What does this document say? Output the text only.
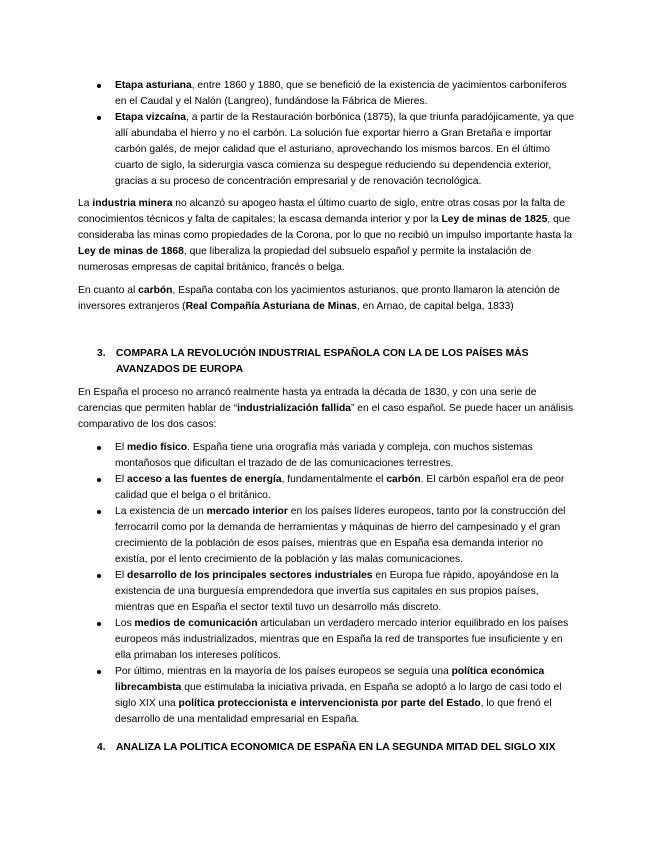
Etapa asturiana, entre 1860 y 1880, que se benefició de la existencia de yacimientos carboníferos en el Caudal y el Nalón (Langreo), fundándose la Fábrica de Mieres.
Etapa vizcaína, a partir de la Restauración borbónica (1875), la que triunfa paradójicamente, ya que allí abundaba el hierro y no el carbón. La solución fue exportar hierro a Gran Bretaña e importar carbón galés, de mejor calidad que el asturiano, aprovechando los mismos barcos. En el último cuarto de siglo, la siderurgia vasca comienza su despegue reduciendo su dependencia exterior, gracias a su proceso de concentración empresarial y de renovación tecnológica.

La industria minera no alcanzó su apogeo hasta el último cuarto de siglo, entre otras cosas por la falta de conocimientos técnicos y falta de capitales; la escasa demanda interior y por la Ley de minas de 1825, que consideraba las minas como propiedades de la Corona, por lo que no recibió un impulso importante hasta la Ley de minas de 1868, que liberaliza la propiedad del subsuelo español y permite la instalación de numerosas empresas de capital británico, francés o belga.

En cuanto al carbón, España contaba con los yacimientos asturianos, que pronto llamaron la atención de inversores extranjeros (Real Compañía Asturiana de Minas, en Arnao, de capital belga, 1833)

3.	COMPARA LA REVOLUCIÓN INDUSTRIAL ESPAÑOLA CON LA DE LOS PAÍSES MÁS AVANZADOS DE EUROPA

En España el proceso no arrancó realmente hasta ya entrada la década de 1830, y con una serie de carencias que permiten hablar de “industrialización fallida” en el caso español. Se puede hacer un análisis comparativo de los dos casos:

El medio físico. España tiene una orografía más variada y compleja, con muchos sistemas montañosos que dificultan el trazado de de las comunicaciones terrestres.
El acceso a las fuentes de energía, fundamentalmente el carbón. El carbón español era de peor calidad que el belga o el británico.
La existencia de un mercado interior en los países líderes europeos, tanto por la construcción del ferrocarril como por la demanda de herramientas y máquinas de hierro del campesinado y el gran crecimiento de la población de esos países, mientras que en España esa demanda interior no existía, por el lento crecimiento de la población y las malas comunicaciones.
El desarrollo de los principales sectores industriales en Europa fue rápido, apoyándose en la existencia de una burguesía emprendedora que invertía sus capitales en sus propios países, mientras que en España el sector textil tuvo un desarrollo más discreto.
Los medios de comunicación articulaban un verdadero mercado interior equilibrado en los países europeos más industrializados, mientras que en España la red de transportes fue insuficiente y en ella primaban los intereses políticos.
Por último, mientras en la mayoría de los países europeos se seguía una política económica librecambista que estimulaba la iniciativa privada, en España se adoptó a lo largo de casi todo el siglo XIX una política proteccionista e intervencionista por parte del Estado, lo que frenó el desarrollo de una mentalidad empresarial en España.
4.	ANALIZA LA POLITICA ECONOMICA DE ESPAÑA EN LA SEGUNDA MITAD DEL SIGLO XIX
